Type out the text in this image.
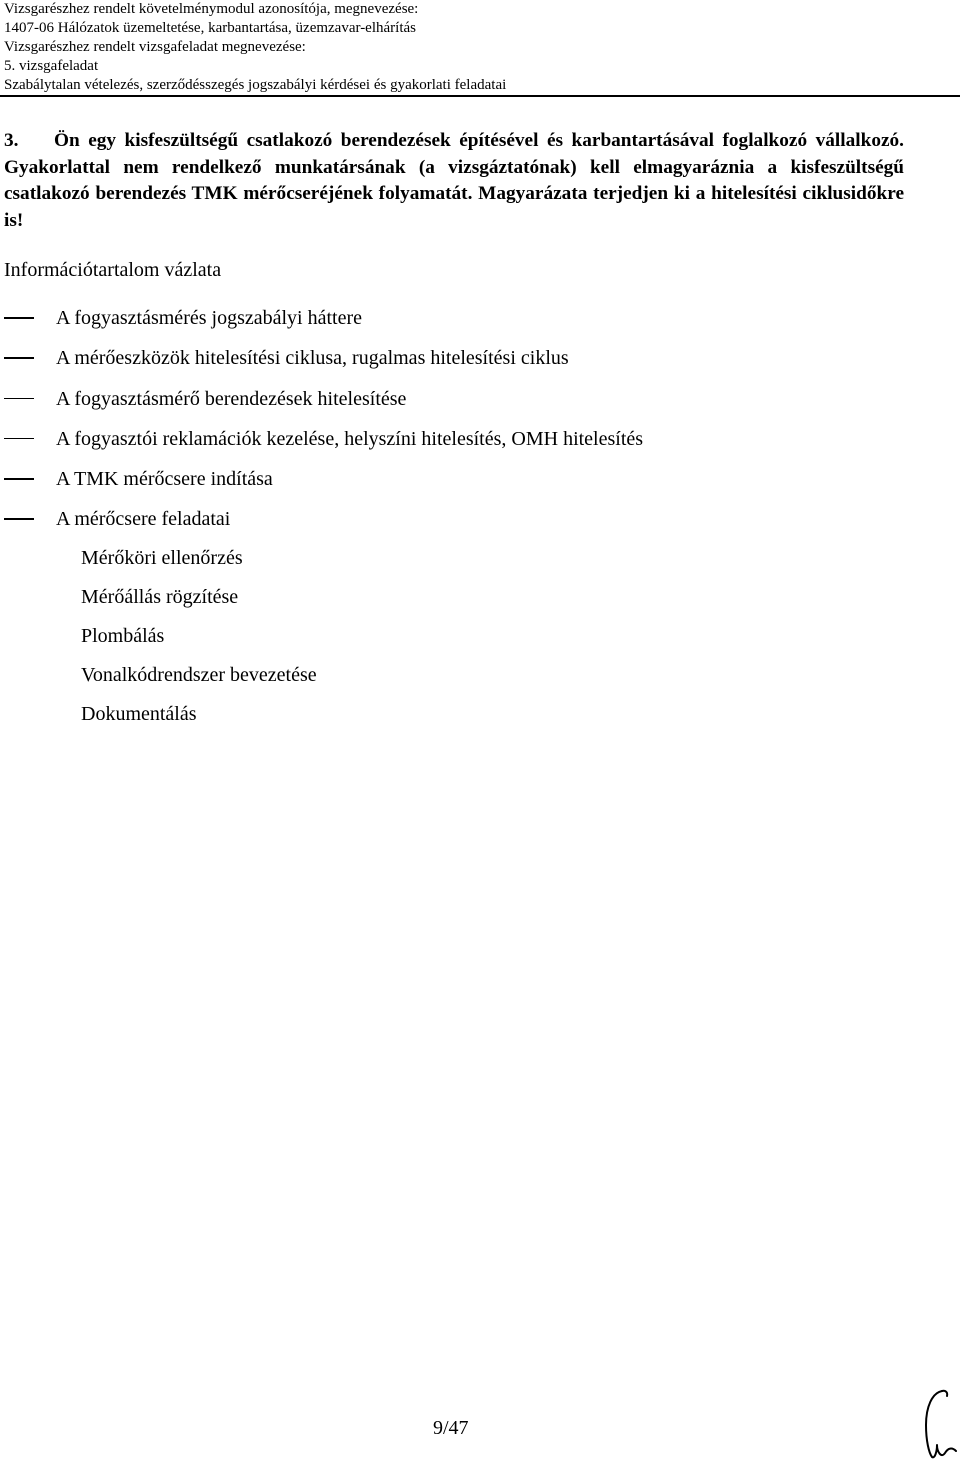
Vizsgarészhez rendelt követelménymodul azonosítója, megnevezése:
1407-06 Hálózatok üzemeltetése, karbantartása, üzemzavar-elhárítás
Vizsgarészhez rendelt vizsgafeladat megnevezése:
5. vizsgafeladat
Szabálytalan vételezés, szerződésszegés jogszabályi kérdései és gyakorlati feladatai
3. Ön egy kisfeszültségű csatlakozó berendezések építésével és karbantartásával foglalkozó vállalkozó. Gyakorlattal nem rendelkező munkatársának (a vizsgáztatónak) kell elmagyaráznia a kisfeszültségű csatlakozó berendezés TMK mérőcseréjének folyamatát. Magyarázata terjedjen ki a hitelesítési ciklusidőkre is!
Információtartalom vázlata
A fogyasztásmérés jogszabályi háttere
A mérőeszközök hitelesítési ciklusa, rugalmas hitelesítési ciklus
A fogyasztásmérő berendezések hitelesítése
A fogyasztói reklamációk kezelése, helyszíni hitelesítés, OMH hitelesítés
A TMK mérőcsere indítása
A mérőcsere feladatai
Mérőköri ellenőrzés
Mérőállás rögzítése
Plombálás
Vonalkódrendszer bevezetése
Dokumentálás
9/47
